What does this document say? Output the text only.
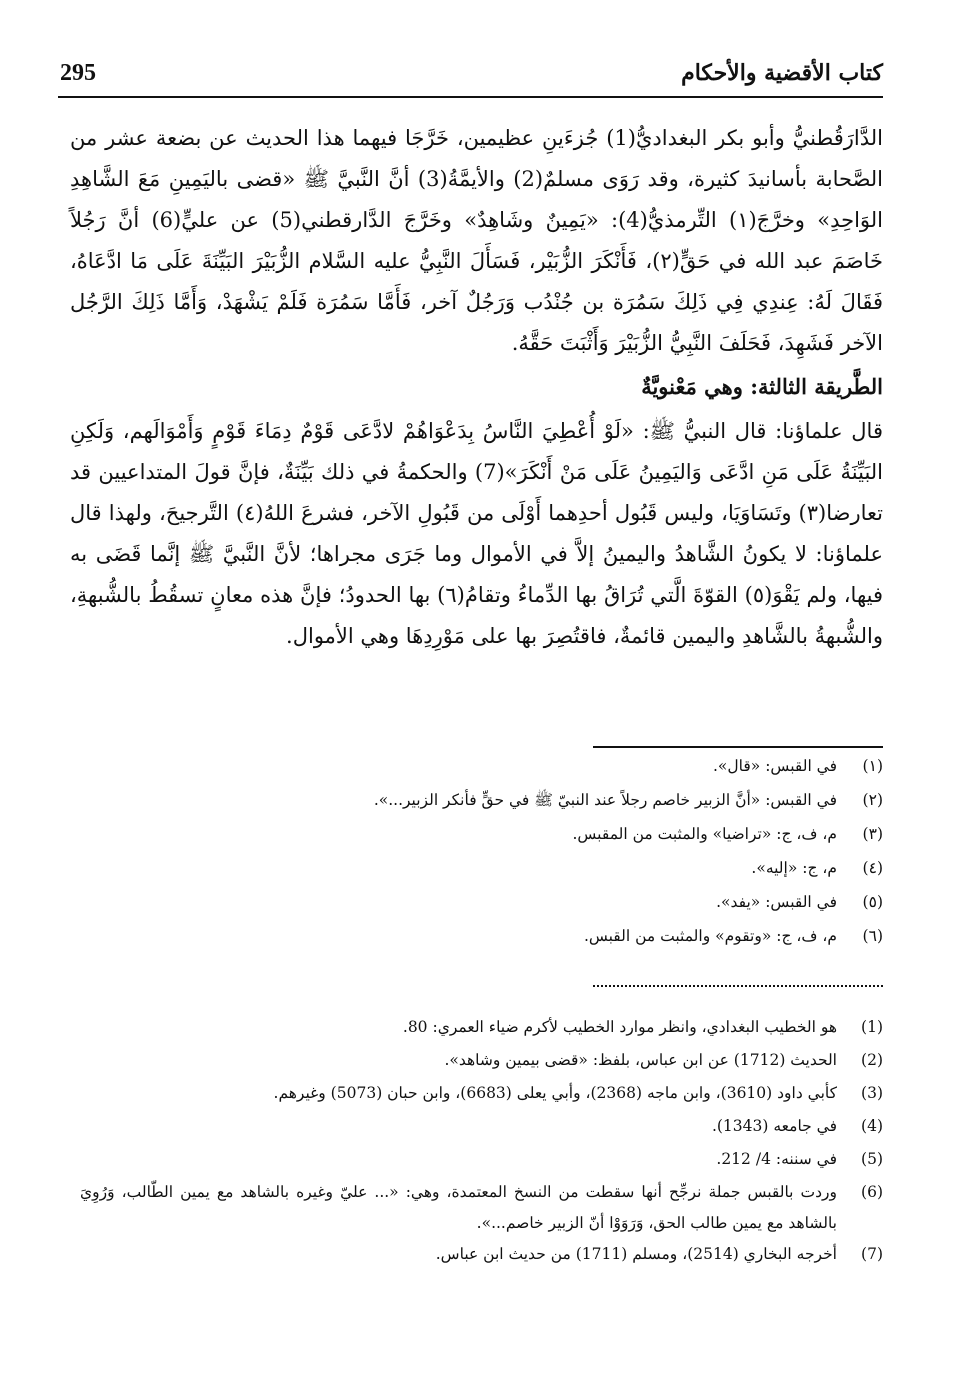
295	كتاب الأقضية والأحكام

الدَّارَقُطنيُّ وأبو بكر البغداديُّ(1) جُزءَينِ عظيمين، خَرَّجَا فيهما هذا الحديث عن بضعة عشر من الصَّحابة بأسانيدَ كثيرة، وقد رَوَى مسلمٌ(2) والأيمَّةُ(3) أنَّ النَّبيَّ ﷺ «قضى باليَمِينِ مَعَ الشَّاهِدِ الوَاحِدِ» وخرَّجَ(١) التِّرمذيُّ(4): «يَمِينٌ وشَاهِدٌ» وخَرَّجَ الدَّارقطني(5) عن عليٍّ(6) أنَّ رَجُلاً خَاصَمَ عبد الله في حَقٍّ(٢)، فَأَنْكَرَ الزُّبَيْر، فَسَأَلَ النَّبِيُّ عليه السَّلام الزُّبَيْرَ البَيِّنَةَ عَلَى مَا ادَّعَاهُ، فَقَالَ لَهُ: عِندِي فِي ذَلِكَ سَمُرَة بن جُنْدُب وَرَجُلٌ آخر، فَأَمَّا سَمُرَة فَلَمْ يَشْهَدْ، وَأَمَّا ذَلِكَ الرَّجُل الآخر فَشَهِدَ، فَحَلَفَ النَّبِيُّ الزُّبَيْرَ وَأَثْبَتَ حَقَّهُ.

الطَّريقة الثالثة: وهي مَعْنويَّةٌ

قال علماؤنا: قال النبيُّ ﷺ: «لَوْ أُعْطِيَ النَّاسُ بِدَعْوَاهُمْ لادَّعَى قَوْمٌ دِمَاءَ قَوْمٍ وَأَمْوَالَهم، وَلَكِنِ البَيِّنَةُ عَلَى مَنِ ادَّعَى وَاليَمِينُ عَلَى مَنْ أَنْكَرَ»(7) والحكمةُ في ذلك بَيِّنَةٌ، فإنَّ قولَ المتداعيين قد تعارضا(٣) وتَسَاوَيَا، وليس قَبُول أحدِهما أَوْلَى من قَبُولِ الآخر، فشرعَ اللهُ(٤) التَّرجيحَ، ولهذا قال علماؤنا: لا يكونُ الشَّاهدُ واليمينُ إلاَّ في الأموال وما جَرَى مجراها؛ لأنَّ النَّبيَّ ﷺ إنَّما قَضَى به فيها، ولم يَقْوَ(٥) القوّةَ الَّتي تُرَاقُ بها الدِّماءُ وتقامُ(٦) بها الحدودُ؛ فإنَّ هذه معانٍ تسقُطُ بالشُّبهةِ، والشُّبهةُ بالشَّاهدِ واليمين قائمةٌ، فاقتُصِرَ بها على مَوْرِدِهَا وهي الأموال.

(١)
في القبس: «قال».
(٢)
في القبس: «أنَّ الزبير خاصم رجلاً عند النبيّ ﷺ في حقٍّ فأنكر الزبير...».
(٣)
م، ف، ج: «تراضيا» والمثبت من المقبس.
(٤)
م، ج: «إليه».
(٥)
في القبس: «يفد».
(٦)
م، ف، ج: «وتقوم» والمثبت من القبس.
(1)
هو الخطيب البغدادي، وانظر موارد الخطيب لأكرم ضياء العمري: 80.
(2)
الحديث (1712) عن ابن عباس، بلفظ: «قضى بيمين وشاهد».
(3)
كأبي داود (3610)، وابن ماجه (2368)، وأبي يعلى (6683)، وابن حبان (5073) وغيرهم.
(4)
في جامعه (1343).
(5)
في سننه: 4/ 212.
(6)
وردت بالقبس جملة نرجِّح أنها سقطت من النسخ المعتمدة، وهي: «... عليّ وغيره بالشاهد مع يمين الطّالب، وَرُوِيَ بالشاهد مع يمين طالب الحق، وَرَوَوْا أنّ الزبير خاصم...».
(7)
أخرجه البخاري (2514)، ومسلم (1711) من حديث ابن عباس.
